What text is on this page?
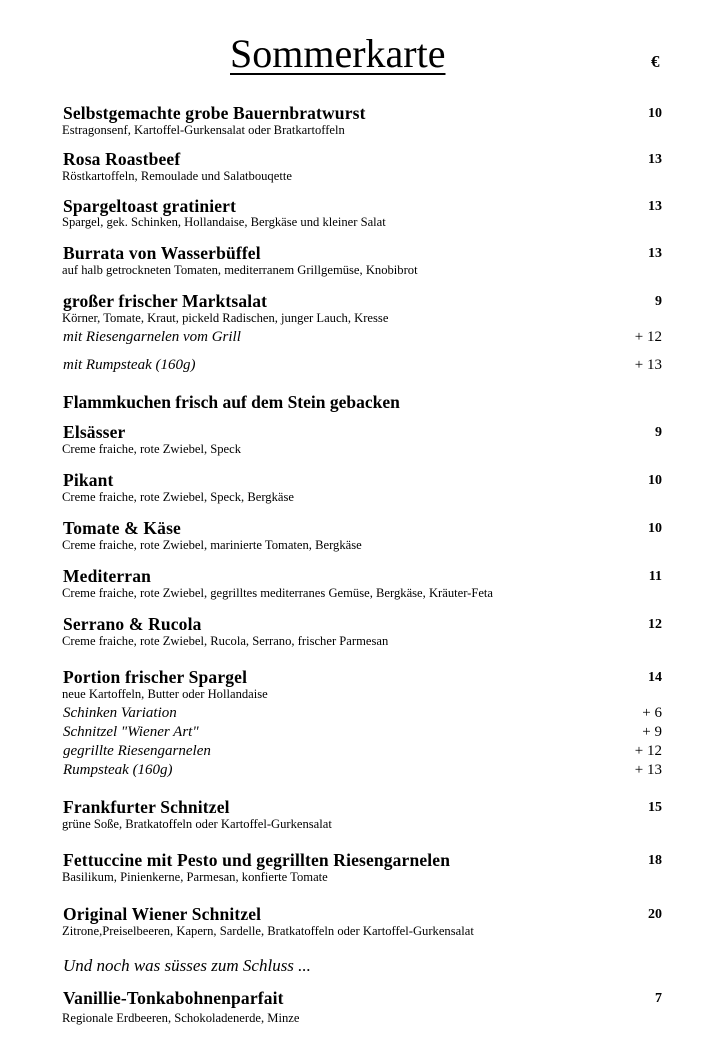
Sommerkarte	€
Selbstgemachte grobe Bauernbratwurst	10
Estragonsenf, Kartoffel-Gurkensalat oder Bratkartoffeln
Rosa Roastbeef	13
Röstkartoffeln, Remoulade und Salatbouqette
Spargeltoast gratiniert	13
Spargel, gek. Schinken, Hollandaise, Bergkäse und kleiner Salat
Burrata von Wasserbüffel	13
auf halb getrockneten Tomaten, mediterranem Grillgemüse, Knobibrot
großer frischer Marktsalat	9
Körner, Tomate, Kraut, pickeld Radischen, junger Lauch, Kresse
mit Riesengarnelen vom Grill	+ 12
mit Rumpsteak (160g)	+ 13
Flammkuchen frisch auf dem Stein gebacken
Elsässer	9
Creme fraiche, rote Zwiebel, Speck
Pikant	10
Creme fraiche, rote Zwiebel, Speck, Bergkäse
Tomate & Käse	10
Creme fraiche, rote Zwiebel, marinierte Tomaten, Bergkäse
Mediterran	11
Creme fraiche, rote Zwiebel, gegrilltes mediterranes Gemüse, Bergkäse, Kräuter-Feta
Serrano & Rucola	12
Creme fraiche, rote Zwiebel, Rucola, Serrano, frischer Parmesan
Portion frischer Spargel	14
neue Kartoffeln, Butter oder Hollandaise
Schinken Variation	+ 6
Schnitzel "Wiener Art"	+ 9
gegrillte Riesengarnelen	+ 12
Rumpsteak (160g)	+ 13
Frankfurter Schnitzel	15
grüne Soße, Bratkatoffeln oder Kartoffel-Gurkensalat
Fettuccine mit Pesto und gegrillten Riesengarnelen	18
Basilikum, Pinienkerne, Parmesan, konfierte Tomate
Original Wiener Schnitzel	20
Zitrone,Preiselbeeren, Kapern, Sardelle, Bratkatoffeln oder Kartoffel-Gurkensalat
Und noch was süsses zum Schluss ...
Vanillie-Tonkabohnenparfait	7
Regionale Erdbeeren, Schokoladenerde, Minze
